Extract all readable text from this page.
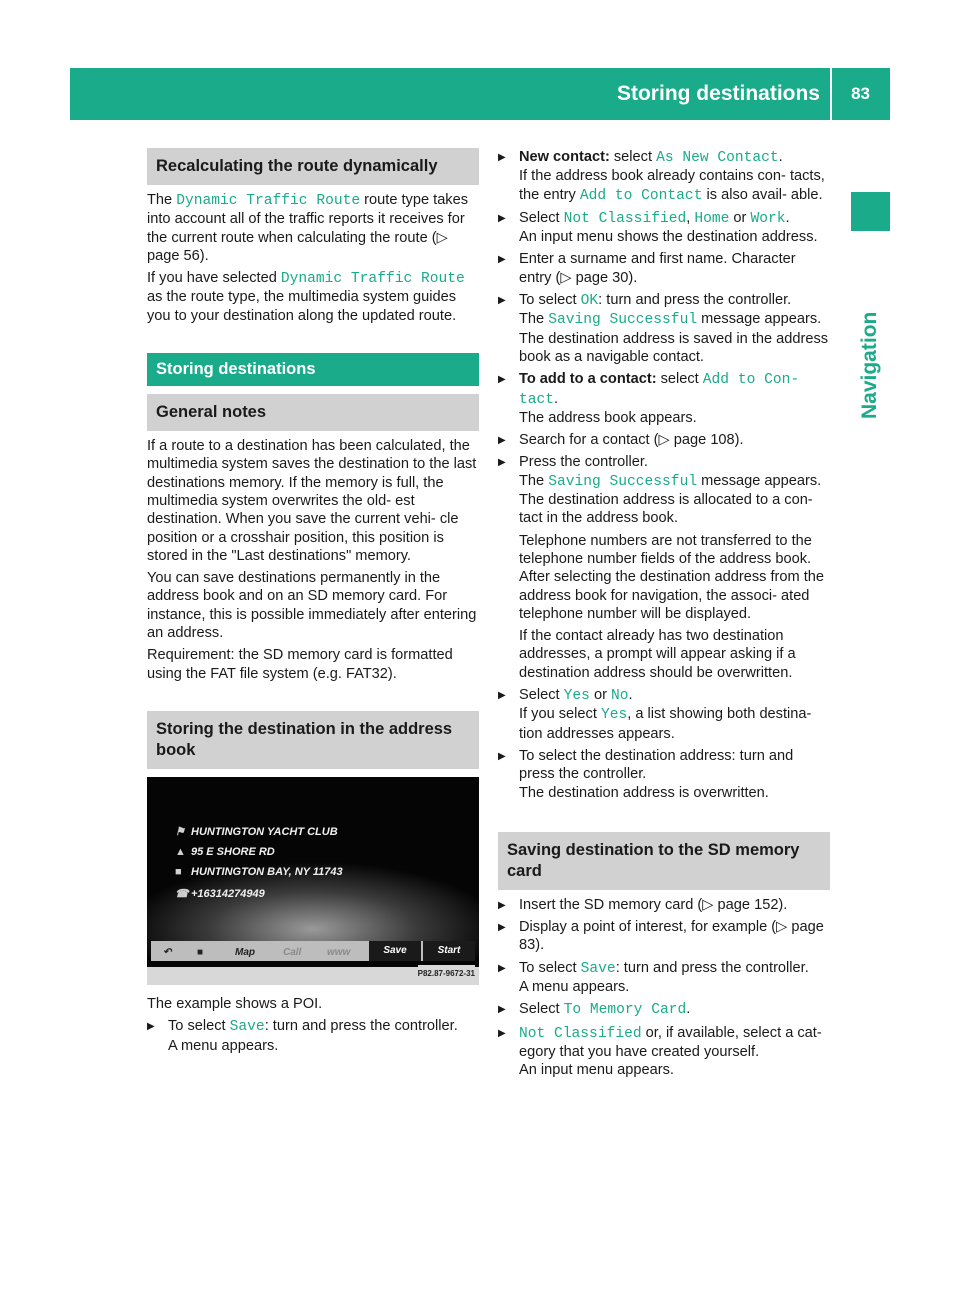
Storing destinations 83
Navigation
Recalculating the route dynamically

The Dynamic Traffic Route route type takes into account all of the traffic reports it receives for the current route when calculating the route (▷ page 56).

If you have selected Dynamic Traffic Route as the route type, the multimedia system guides you to your destination along the updated route.

Storing destinations
General notes

If a route to a destination has been calculated, the multimedia system saves the destination to the last destinations memory. If the memory is full, the multimedia system overwrites the old- est destination. When you save the current vehi- cle position or a crosshair position, this position is stored in the "Last destinations" memory.

You can save destinations permanently in the address book and on an SD memory card. For instance, this is possible immediately after entering an address.

Requirement: the SD memory card is formatted using the FAT file system (e.g. FAT32).

Storing the destination in the address book
⚑ HUNTINGTON YACHT CLUB
▲ 95 E SHORE RD
■ HUNTINGTON BAY, NY 11743
☎ +16314274949
↶	■	Map	Call	www	Save	Start
P82.87-9672-31

The example shows a POI.

▶ To select Save: turn and press the controller.
A menu appears.
▶ New contact: select As New Contact.
If the address book already contains con- tacts, the entry Add to Contact is also avail- able.
▶ Select Not Classified, Home or Work.
An input menu shows the destination address.
▶ Enter a surname and first name. Character entry (▷ page 30).
▶ To select OK: turn and press the controller.
The Saving Successful message appears.
The destination address is saved in the address book as a navigable contact.
▶ To add to a contact: select Add to Con- tact.
The address book appears.
▶ Search for a contact (▷ page 108).
▶ Press the controller.
The Saving Successful message appears.
The destination address is allocated to a con- tact in the address book.

Telephone numbers are not transferred to the telephone number fields of the address book. After selecting the destination address from the address book for navigation, the associ- ated telephone number will be displayed.

If the contact already has two destination addresses, a prompt will appear asking if a destination address should be overwritten.

▶ Select Yes or No.
If you select Yes, a list showing both destina- tion addresses appears.
▶ To select the destination address: turn and press the controller.
The destination address is overwritten.
Saving destination to the SD memory card
▶ Insert the SD memory card (▷ page 152).
▶ Display a point of interest, for example (▷ page 83).
▶ To select Save: turn and press the controller.
A menu appears.
▶ Select To Memory Card.
▶ Not Classified or, if available, select a cat- egory that you have created yourself.
An input menu appears.
